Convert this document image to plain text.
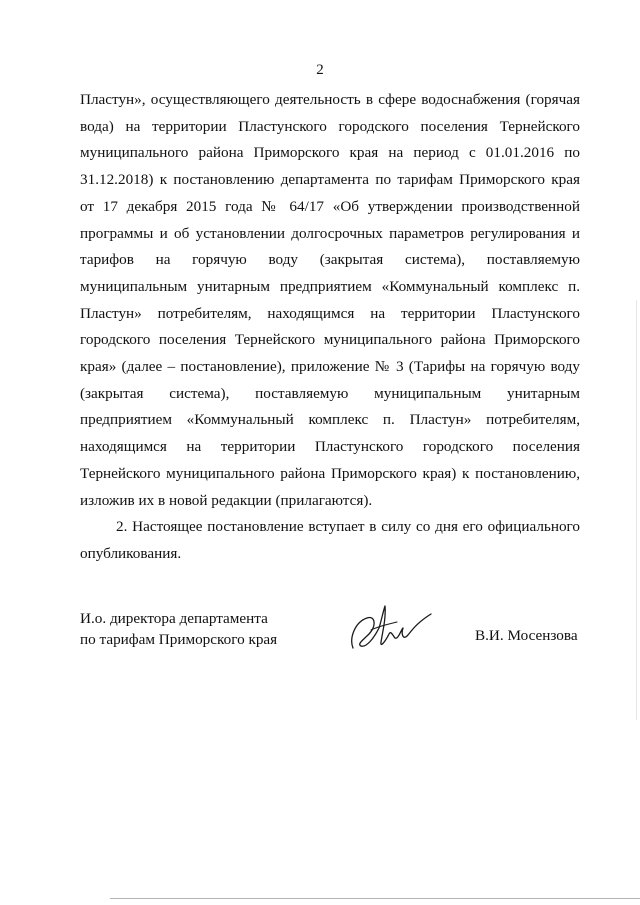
2

Пластун», осуществляющего деятельность в сфере водоснабжения (горячая вода) на территории Пластунского городского поселения Тернейского муниципального района Приморского края на период с 01.01.2016 по 31.12.2018) к постановлению департамента по тарифам Приморского края от 17 декабря 2015 года № 64/17 «Об утверждении производственной программы и об установлении долгосрочных параметров регулирования и тарифов на горячую воду (закрытая система), поставляемую муниципальным унитарным предприятием «Коммунальный комплекс п. Пластун» потребителям, находящимся на территории Пластунского городского поселения Тернейского муниципального района Приморского края» (далее – постановление), приложение № 3 (Тарифы на горячую воду (закрытая система), поставляемую муниципальным унитарным предприятием «Коммунальный комплекс п. Пластун» потребителям, находящимся на территории Пластунского городского поселения Тернейского муниципального района Приморского края) к постановлению, изложив их в новой редакции (прилагаются).

2. Настоящее постановление вступает в силу со дня его официального опубликования.

И.о. директора департамента
по тарифам Приморского края	В.И. Мосензова
